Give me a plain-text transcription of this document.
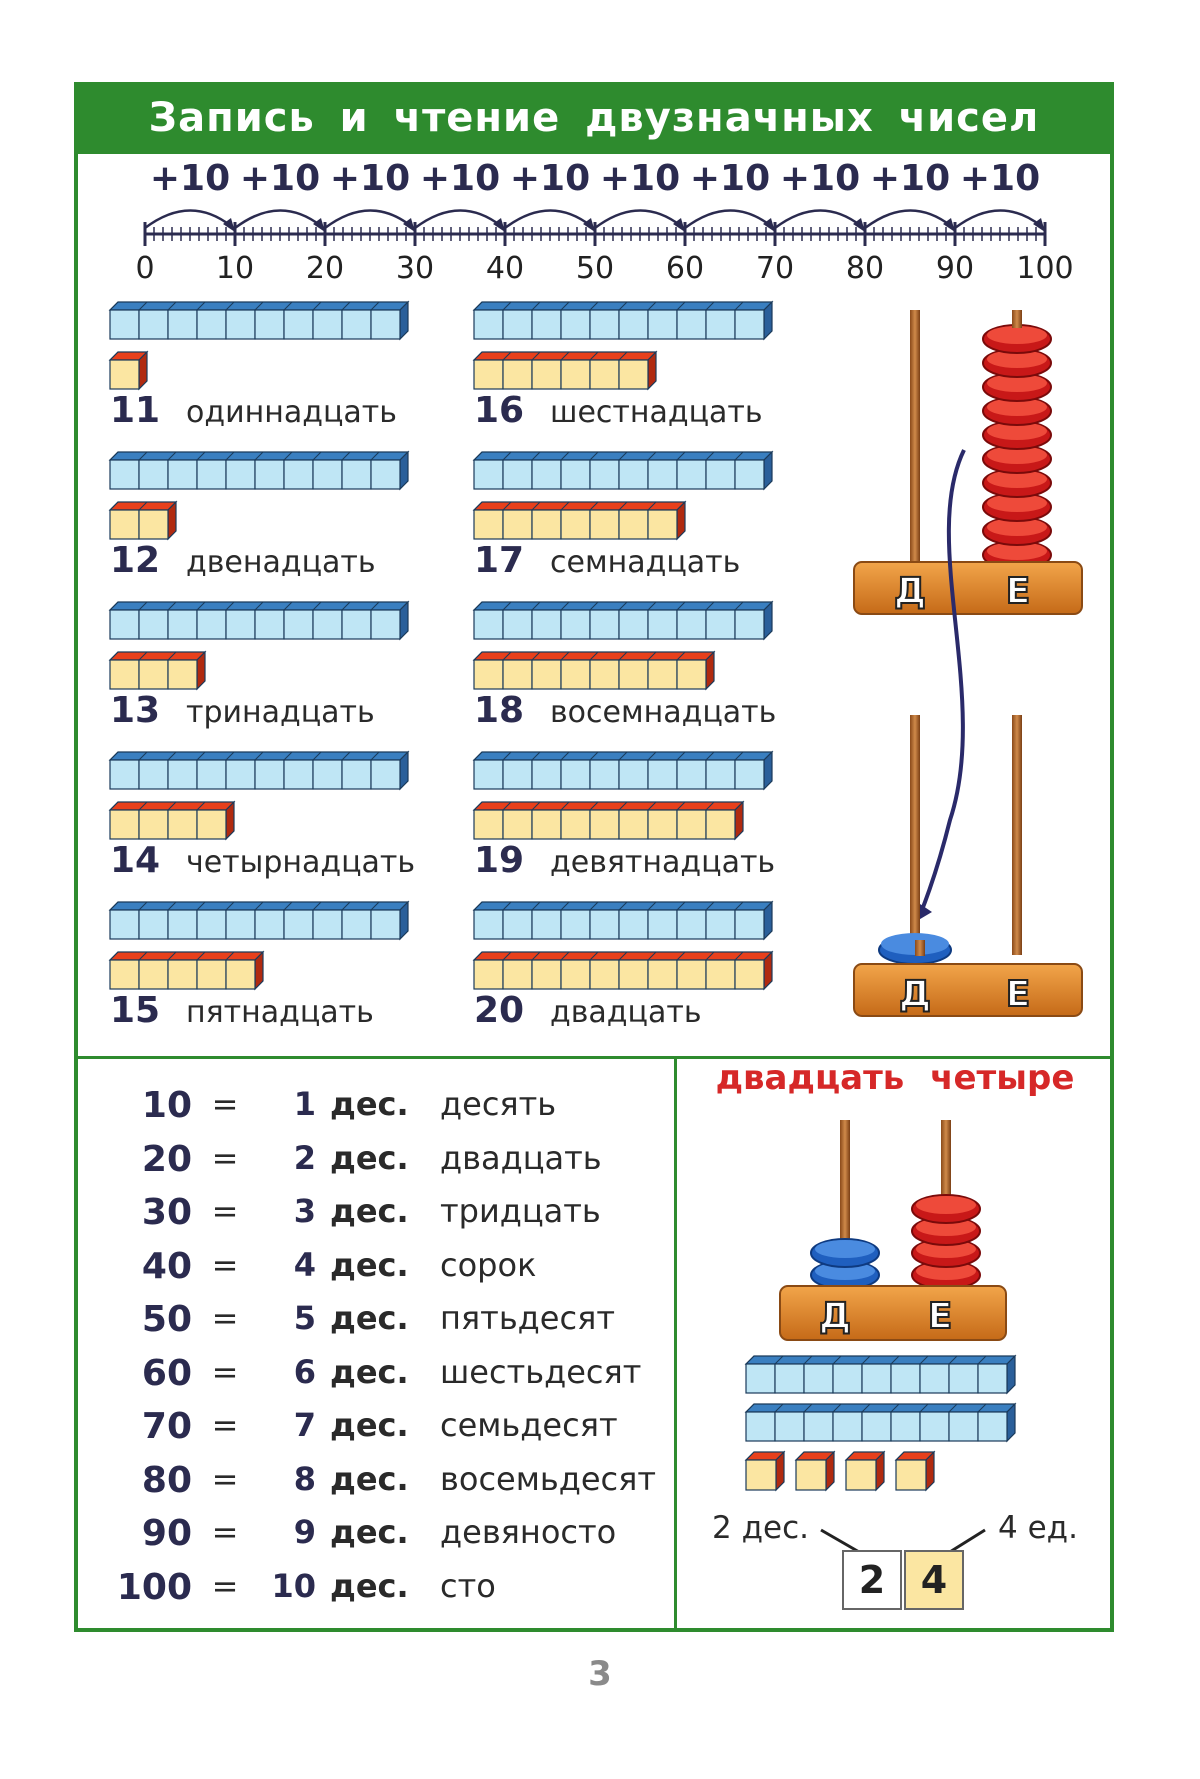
Запись и чтение двузначных чисел
0 10 20 30 40 50 60 70 80 90 100
+10 +10 +10 +10 +10 +10 +10 +10 +10 +10
11 одиннадцать
12 двенадцать
13 тринадцать
14 четырнадцать
15 пятнадцать
16 шестнадцать
17 семнадцать
18 восемнадцать
19 девятнадцать
20 двадцать
Д Е
Д Е
10 =	1 дес. десять
20 =	2 дес. двадцать
30 =	3 дес. тридцать
40 =	4 дес. сорок
50 =	5 дес. пятьдесят
60 =	6 дес. шестьдесят
70 =	7 дес. семьдесят
80 =	8 дес. восемьдесят
90 =	9 дес. девяносто
100 =	10 дес. сто
двадцать четыре
Д Е
2 дес.	4 ед.
2 4
3
